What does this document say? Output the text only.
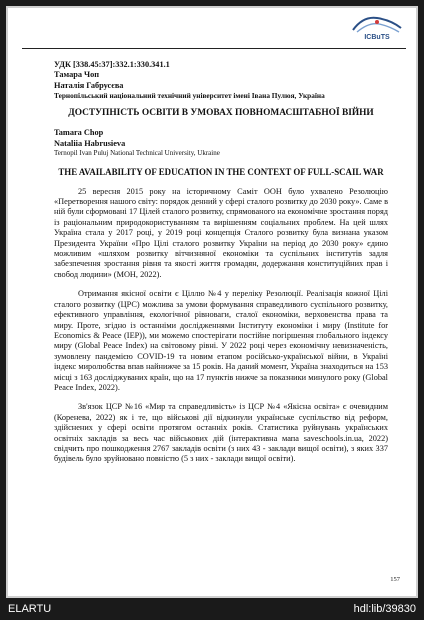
ICBuTS
УДК [338.45:37]:332.1:330.341.1
Тамара Чоп
Наталія Габрусєва
Тернопільський національний технічний університет імені Івана Пулюя, Україна
ДОСТУПНІСТЬ ОСВІТИ В УМОВАХ ПОВНОМАСШТАБНОЇ ВІЙНИ
Tamara Chop
Nataliia Habrusieva
Ternopil Ivan Puluj National Technical University, Ukraine
THE AVAILABILITY OF EDUCATION IN THE CONTEXT OF FULL-SCAIL WAR

25 вересня 2015 року на історичному Саміт ООН було ухвалено Резолюцію «Перетворення нашого світу: порядок денний у сфері сталого розвитку до 2030 року». Саме в ній були сформовані 17 Цілей сталого розвитку, спрямованого на економічне зростання поряд із раціональним природокористуванням та вирішенням соціальних проблем. На цей шлях Україна стала у 2017 році, у 2019 році концепція Сталого розвитку була визнана указом Президента України «Про Цілі сталого розвитку України на період до 2030 року» єдино можливим «шляхом розвитку вітчизняної економіки та суспільних інститутів задля забезпечення зростання рівня та якості життя громадян, додержання конституційних прав і свобод людини» (МОН, 2022).

Отримання якісної освіти є Ціллю №4 у переліку Резолюції. Реалізація кожної Цілі сталого розвитку (ЦРС) можлива за умови формування справедливого суспільного розвитку, ефективного управління, екологічної рівноваги, сталої економіки, верховенства права та миру. Проте, згідно із останніми дослідженнями Інституту економіки і миру (Institute for Economics & Peace (IEP)), ми можемо спостерігати постійне погіршення глобального індексу миру (Global Peace Index) на світовому рівні. У 2022 році через економічну невизначеність, зумовлену пандемією COVID-19 та новим етапом російсько-української війни, в Україні індекс миролюбства впав найнижче за 15 років. На даний момент, Україна знаходиться на 153 місці з 163 досліджуваних країн, що на 17 пунктів нижче за показники минулого року (Global Peace Index, 2022).

Зв'язок ЦСР №16 «Мир та справедливість» із ЦСР №4 «Якісна освіта» є очевидним (Коренева, 2022) як і те, що військові дії відкинули українське суспільство від реформ, здійснених у сфері освіти протягом останніх років. Статистика руйнувань українських освітніх закладів за весь час військових дій (інтерактивна мапа saveschools.in.ua, 2022) свідчить про пошкодження 2767 закладів освіти (з них 43 - заклади вищої освіти), з яких 337 будівель було зруйновано повністю (5 з них - заклади вищої освіти).

157
ELARTU	hdl:lib/39830
